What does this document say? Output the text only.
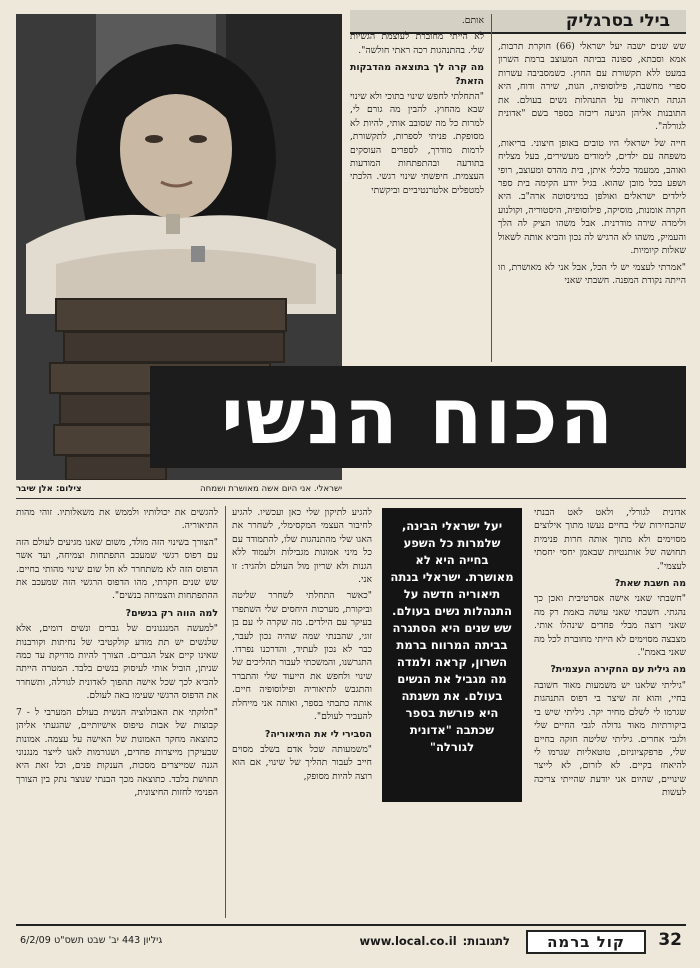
בילי בסרגליק

שש שנים ישבה יעל ישראלי (66) חוקרת תרבות, אמא וסבתא, ספונה בביתה המעוצב ברמת השרון במעט ללא תקשורת עם החוץ. כשמסביבה עשרות ספרי מחשבה, פילוסופיה, הגות, שירה ודוח, היא הגתה תיאוריה על התנהלות נשים בעולם. את התובנות אליהן הגיעה ריכזה בספר בשם "אדונית לגורלה".

חייה של ישראלי היו טובים באופן חיצוני. בריאות, משפחה עם ילדים, לימודים מעשירים, בעל מצליח ואוהב, ממעמד כלכלי איתן, בית מהדס ומעוצב, רופי ושפע בכל מובן שהוא. בגיל יודע הקימה בית ספר לילדים ישראלים ואולפן במיניסוטה ארה"ב. היא חקרה אומנות, מוסיקה, פילוסופיה, היסטוריה, וקולנוע ולימדה שירה מודרנית. אבל משהו הציק לה הלך והעמיק, משהו לא הרגיש לה נכון והביא אותה לשאול שאלות קיומיות.

"אמרתי לעצמי יש לי הכל, אבל אני לא מאושרת, וזו הייתה נקודת המפנה. חשבתי שאני

אותם.

לא הייתי מחוברת לעוצמת הגשיות שלי. בהתנהגות רכה ראתי חולשה".

מה קרה לך בתוצאה מהדבקות הזאת?

"התחלתי לחפש שינוי בתוכי ולא שינוי שבא מהחוץ. להבין מה גורם לי, למרות כל מה שסובב אותי, להיות לא מסופקת. פניתי לספרות, לתקשורת, לרמות מודרך, לספרים העוסקים בתודעה ובהתפתחות המודעות העצמית. חיפשתי שינוי רגשי. הלכתי למטפלים אלטרנטיביים וביקשתי

הכוח הנשי
ישראלי. אני היום אשה מאושרת ושמחה
צילום: אלן שיבר

אדונית לגורלי, ולאט לאט הבנתי שהבחירות שלי בחיים נעשו מתוך אילוצים מסוימים ולא מתוך אותה חרות פנימית תחושה של אותנטיות שבאמן יחסי יחסתי לעצמי".

מה חשבת שאת?

"חשבתי שאני אישה אסרטיבית ואכן כך נהגתי. חשבתי שאני עושה באמת רק מה שאני רוצה מבלי פחדים שינהלו אותי. מצבצה מסוימים לא הייתי מחוברת לכל מה שאני באמת".

מה גילית עם החקירה העצמית?

"גיליתי שלאנו יש משמעות מאוד חשובה בחיי, והוא זה שיצר בי דפוס התנהגות שגרמו לי לשלם מחיר יקר. גיליתי שיש בי ביקורתיות מאוד גדולה לגבי החיים שלי ולגבי אחרים. גיליתי שליטה חזקה בחיים שלי, פרפקציוניזם, טוטאליות שגרמו לי להיאחז בקיים. לא לזרום, לא לייצר שינויים, שהיום אני יודעת שהייתי צריכה לעשות

יעל ישראלי הבינה, שלמרות כל השפע בחייה היא לא מאושרת. ישראלי בנתה תיאוריה חדשה על התנהלות נשים בעולם. שש שנים היא הסתגרה בביתה המרווח ברמת השרון, קראה ולמדה מה מגביל את הנשים בעולם. את משנתה היא פורשת בספר שכתבה "אדונית לגורלה"

להגיע לתיקון שלי כאן ועכשיו. להגיע לחיבור העצמי המקסימלי, לשחרר את האגו שלי מהתנהגות שלו, להתמודד עם כל מיני אמונות מגבילות ולעמוד ללא הגנות ולא שריון מול העולם ולהגיד: זו אני.

"כאשר התחלתי לשחרר שליטה וביקורת, מערכות היחסים שלי השתפרו בעיקר עם הילדים. מה שקרה לי עם בן זוגי, שהבנתי שמה שהיה נכון לעבר, כבר לא נכון לעתיד, והדרכנו נפרדו. התגרשנו, והמשכתי לעבור תהליכים של שינוי ולחפש את הייעוד שלי והתברר והתגבש לתיאוריה ופילוסופיה חיים. אותה כתבתי בספר, ואותה אני מייחלת להעביר לעולם".

הסבירי לי את התיאוריה?

"משמעותה שכל אדם בשלב מסוים חייב לעבור תהליך של שינוי, אם הוא רוצה להיות מסופק,

להגשים את יכולותיו ולממש את משאלותיו. זוהי מהות התיאוריה.

"הצורך בשינוי הזה מולד, משום שאנו מגיעים לעולם הזה עם דפוס רגשי שמעכב התפתחות וצמיחה, ועד אשר הדפוס הזה לא משתחרר לא חל שום שינוי מהותי בחיים. שש שנים חקרתי, מהו הדפוס הרגשי הזה שמעכב את ההתפתחות והצמיחה בנשים".

למה הווה רק בנשים?

"למעשה המנגנונים של גברים ונשים דומים, אלא שלנשים יש תת מודע קולקטיבי של נחיתות וקורבנות שאינו קיים אצל הגברים. הצורך להיות מדויקת עד כמה שניתן, הוביל אותי לעיסוק בנשים בלבד. המטרה הייתה להביא לכך שכל אישה תהפוך לאדונית לגורלה, ותשחרר את הדפוס הרגשי שעימו באה לעולם.

"חלוקתי את האבולוציה הנשית בעולם המערבי ל - 7 קבוצות של אבות טיפוס אישיותיים, שהגעתי אליהן כתוצאה מחקר האמונות של האישה על עצמה. אמונות שבעיקרן מייצרות פחדים, ושגורמות לאנו לייצר מנגנוני הגנה שמייצרים מסכות, הענקות פנים, וכל זאת היא תחושת בלבד. כתוצאה מכך הבנתי שנוצר נתק בין הצורך הפנימי לחזות החיצונית,

32
קול ברמה
לתגובות:
www.local.co.il
גיליון 443 יב' שבט תשס"ט 6/2/09
